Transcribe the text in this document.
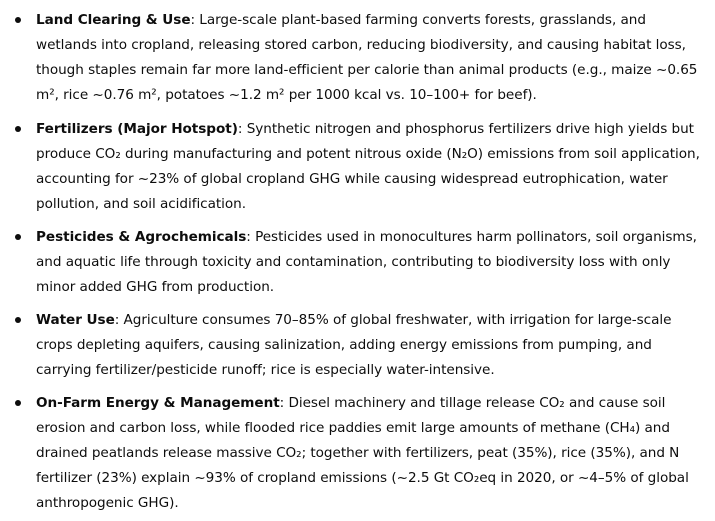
Land Clearing & Use: Large-scale plant-based farming converts forests, grasslands, and wetlands into cropland, releasing stored carbon, reducing biodiversity, and causing habitat loss, though staples remain far more land-efficient per calorie than animal products (e.g., maize ~0.65 m², rice ~0.76 m², potatoes ~1.2 m² per 1000 kcal vs. 10–100+ for beef).
Fertilizers (Major Hotspot): Synthetic nitrogen and phosphorus fertilizers drive high yields but produce CO₂ during manufacturing and potent nitrous oxide (N₂O) emissions from soil application, accounting for ~23% of global cropland GHG while causing widespread eutrophication, water pollution, and soil acidification.
Pesticides & Agrochemicals: Pesticides used in monocultures harm pollinators, soil organisms, and aquatic life through toxicity and contamination, contributing to biodiversity loss with only minor added GHG from production.
Water Use: Agriculture consumes 70–85% of global freshwater, with irrigation for large-scale crops depleting aquifers, causing salinization, adding energy emissions from pumping, and carrying fertilizer/pesticide runoff; rice is especially water-intensive.
On-Farm Energy & Management: Diesel machinery and tillage release CO₂ and cause soil erosion and carbon loss, while flooded rice paddies emit large amounts of methane (CH₄) and drained peatlands release massive CO₂; together with fertilizers, peat (35%), rice (35%), and N fertilizer (23%) explain ~93% of cropland emissions (~2.5 Gt CO₂eq in 2020, or ~4–5% of global anthropogenic GHG).
